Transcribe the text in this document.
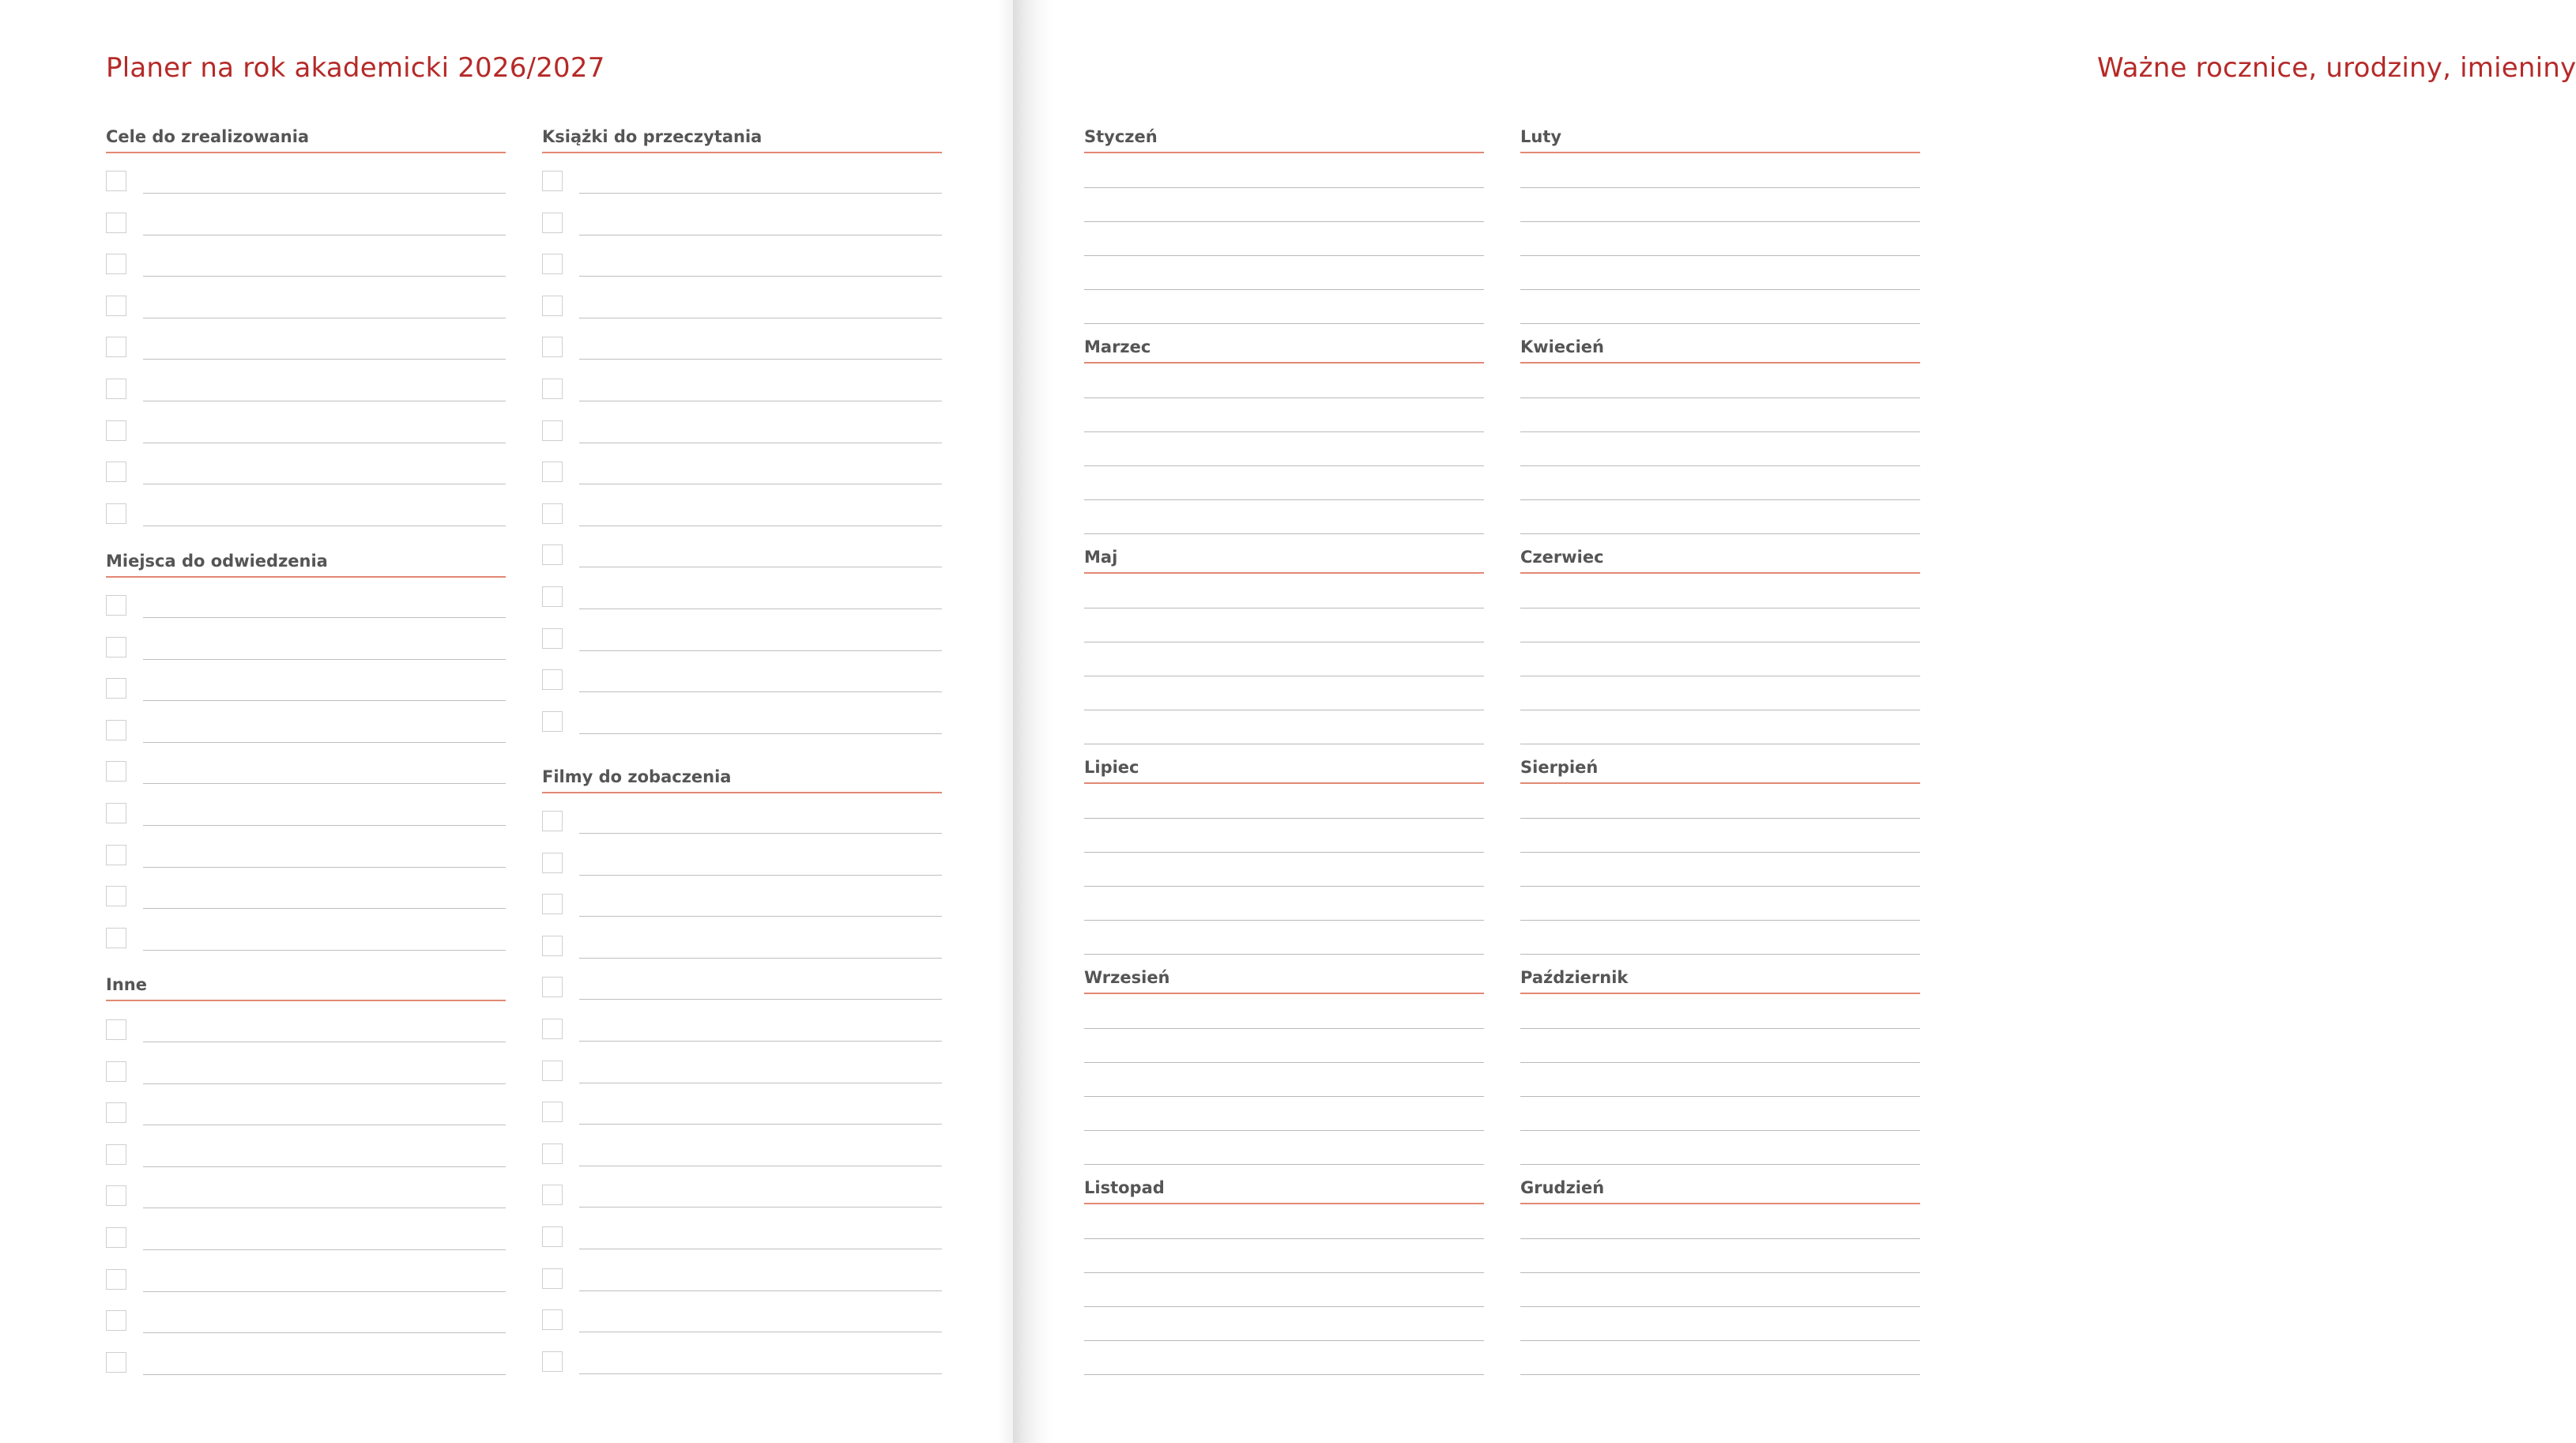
Planer na rok akademicki 2026/2027
Cele do zrealizowania
Miejsca do odwiedzenia
Inne
Książki do przeczytania
Filmy do zobaczenia
Ważne rocznice, urodziny, imieniny
Styczeń	Luty
Marzec	Kwiecień
Maj	Czerwiec
Lipiec	Sierpień
Wrzesień	Październik
Listopad	Grudzień
